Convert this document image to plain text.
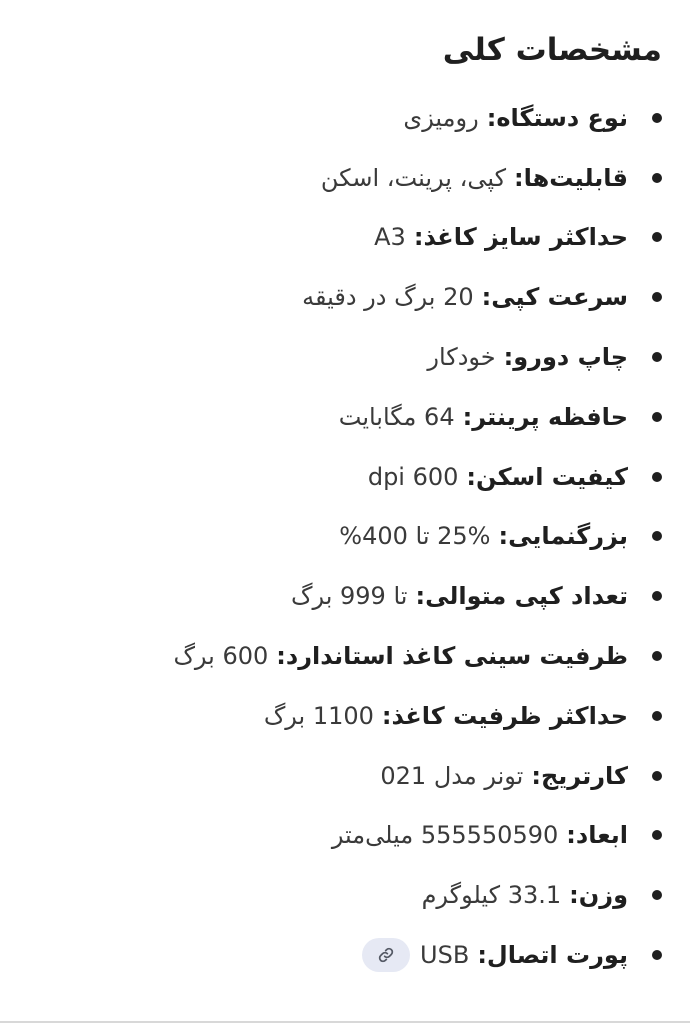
مشخصات کلی
نوع دستگاه
:
رومیزی
قابلیت‌ها
:
کپی، پرینت، اسکن
حداکثر سایز کاغذ
:
A3
سرعت کپی
:
20 برگ در دقیقه
چاپ دورو
:
خودکار
حافظه پرینتر
:
64 مگابایت
کیفیت اسکن
:
600 dpi
بزرگنمایی
:
25% تا 400%
تعداد کپی متوالی
:
تا 999 برگ
ظرفیت سینی کاغذ استاندارد
:
600 برگ
حداکثر ظرفیت کاغذ
:
1100 برگ
کارتریج
:
تونر مدل 021
ابعاد
:
555550590 میلی‌متر
وزن
:
33.1 کیلوگرم
پورت اتصال
:
USB
